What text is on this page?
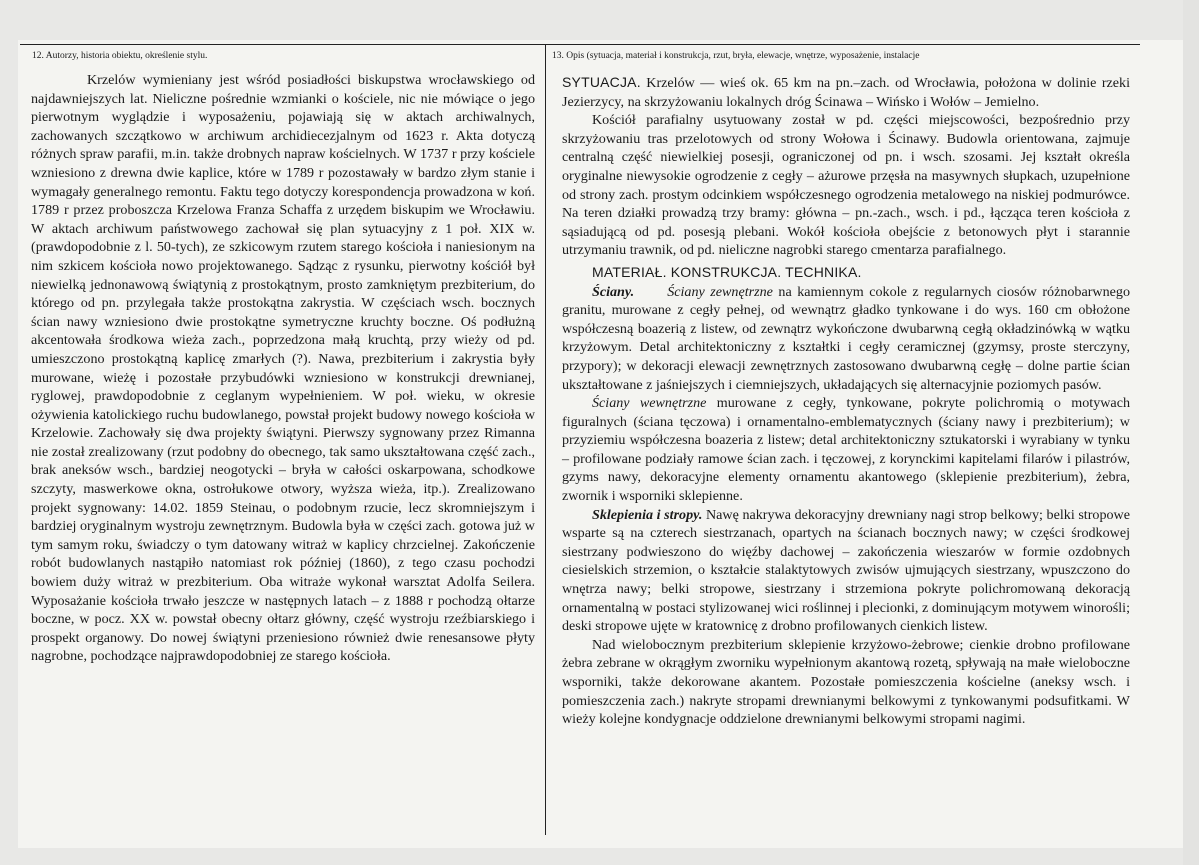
12. Autorzy, historia obiektu, określenie stylu.	13. Opis (sytuacja, materiał i konstrukcja, rzut, bryła, elewacje, wnętrze, wyposażenie, instalacje
Krzelów wymieniany jest wśród posiadłości biskupstwa wrocławskiego od najdawniejszych lat. Nieliczne pośrednie wzmianki o kościele, nic nie mówiące o jego pierwotnym wyglądzie i wyposażeniu, pojawiają się w aktach archiwalnych, zachowanych szczątkowo w archiwum archidiecezjalnym od 1623 r. Akta dotyczą różnych spraw parafii, m.in. także drobnych napraw kościelnych. W 1737 r przy kościele wzniesiono z drewna dwie kaplice, które w 1789 r pozostawały w bardzo złym stanie i wymagały generalnego remontu. Faktu tego dotyczy korespondencja prowadzona w koń. 1789 r przez proboszcza Krzelowa Franza Schaffa z urzędem biskupim we Wrocławiu. W aktach archiwum państwowego zachował się plan sytuacyjny z 1 poł. XIX w. (prawdopodobnie z l. 50-tych), ze szkicowym rzutem starego kościoła i naniesionym na nim szkicem kościoła nowo projektowanego. Sądząc z rysunku, pierwotny kościół był niewielką jednonawową świątynią z prostokątnym, prosto zamkniętym prezbiterium, do którego od pn. przylegała także prostokątna zakrystia. W częściach wsch. bocznych ścian nawy wzniesiono dwie prostokątne symetryczne kruchty boczne. Oś podłużną akcentowała środkowa wieża zach., poprzedzona małą kruchtą, przy wieży od pd. umieszczono prostokątną kaplicę zmarłych (?). Nawa, prezbiterium i zakrystia były murowane, wieżę i pozostałe przybudówki wzniesiono w konstrukcji drewnianej, ryglowej, prawdopodobnie z ceglanym wypełnieniem. W poł. wieku, w okresie ożywienia katolickiego ruchu budowlanego, powstał projekt budowy nowego kościoła w Krzelowie. Zachowały się dwa projekty świątyni. Pierwszy sygnowany przez Rimanna nie został zrealizowany (rzut podobny do obecnego, tak samo ukształtowana część zach., brak aneksów wsch., bardziej neogotycki – bryła w całości oskarpowana, schodkowe szczyty, maswerkowe okna, ostrołukowe otwory, wyższa wieża, itp.). Zrealizowano projekt sygnowany: 14.02. 1859 Steinau, o podobnym rzucie, lecz skromniejszym i bardziej oryginalnym wystroju zewnętrznym. Budowla była w części zach. gotowa już w tym samym roku, świadczy o tym datowany witraż w kaplicy chrzcielnej. Zakończenie robót budowlanych nastąpiło natomiast rok później (1860), z tego czasu pochodzi bowiem duży witraż w prezbiterium. Oba witraże wykonał warsztat Adolfa Seilera. Wyposażanie kościoła trwało jeszcze w następnych latach – z 1888 r pochodzą ołtarze boczne, w pocz. XX w. powstał obecny ołtarz główny, część wystroju rzeźbiarskiego i prospekt organowy. Do nowej świątyni przeniesiono również dwie renesansowe płyty nagrobne, pochodzące najprawdopodobniej ze starego kościoła.

SYTUACJA. Krzelów — wieś ok. 65 km na pn.–zach. od Wrocławia, położona w dolinie rzeki Jezierzycy, na skrzyżowaniu lokalnych dróg Ścinawa – Wińsko i Wołów – Jemielno.

Kościół parafialny usytuowany został w pd. części miejscowości, bezpośrednio przy skrzyżowaniu tras przelotowych od strony Wołowa i Ścinawy. Budowla orientowana, zajmuje centralną część niewielkiej posesji, ograniczonej od pn. i wsch. szosami. Jej kształt określa oryginalne niewysokie ogrodzenie z cegły – ażurowe przęsła na masywnych słupkach, uzupełnione od strony zach. prostym odcinkiem współczesnego ogrodzenia metalowego na niskiej podmurówce. Na teren działki prowadzą trzy bramy: główna – pn.-zach., wsch. i pd., łącząca teren kościoła z sąsiadującą od pd. posesją plebani. Wokół kościoła obejście z betonowych płyt i starannie utrzymaniu trawnik, od pd. nieliczne nagrobki starego cmentarza parafialnego.

MATERIAŁ. KONSTRUKCJA. TECHNIKA.

Ściany. Ściany zewnętrzne na kamiennym cokole z regularnych ciosów różnobarwnego granitu, murowane z cegły pełnej, od wewnątrz gładko tynkowane i do wys. 160 cm obłożone współczesną boazerią z listew, od zewnątrz wykończone dwubarwną cegłą okładzinówką w wątku krzyżowym. Detal architektoniczny z kształtki i cegły ceramicznej (gzymsy, proste sterczyny, przypory); w dekoracji elewacji zewnętrznych zastosowano dwubarwną cegłę – dolne partie ścian ukształtowane z jaśniejszych i ciemniejszych, układających się alternacyjnie poziomych pasów.

Ściany wewnętrzne murowane z cegły, tynkowane, pokryte polichromią o motywach figuralnych (ściana tęczowa) i ornamentalno-emblematycznych (ściany nawy i prezbiterium); w przyziemiu współczesna boazeria z listew; detal architektoniczny sztukatorski i wyrabiany w tynku – profilowane podziały ramowe ścian zach. i tęczowej, z korynckimi kapitelami filarów i pilastrów, gzyms nawy, dekoracyjne elementy ornamentu akantowego (sklepienie prezbiterium), żebra, zwornik i wsporniki sklepienne.

Sklepienia i stropy. Nawę nakrywa dekoracyjny drewniany nagi strop belkowy; belki stropowe wsparte są na czterech siestrzanach, opartych na ścianach bocznych nawy; w części środkowej siestrzany podwieszono do więźby dachowej – zakończenia wieszarów w formie ozdobnych ciesielskich strzemion, o kształcie stalaktytowych zwisów ujmujących siestrzany, wpuszczono do wnętrza nawy; belki stropowe, siestrzany i strzemiona pokryte polichromowaną dekoracją ornamentalną w postaci stylizowanej wici roślinnej i plecionki, z dominującym motywem winorośli; deski stropowe ujęte w kratownicę z drobno profilowanych cienkich listew.

Nad wielobocznym prezbiterium sklepienie krzyżowo-żebrowe; cienkie drobno profilowane żebra zebrane w okrągłym zworniku wypełnionym akantową rozetą, spływają na małe wieloboczne wsporniki, także dekorowane akantem. Pozostałe pomieszczenia kościelne (aneksy wsch. i pomieszczenia zach.) nakryte stropami drewnianymi belkowymi z tynkowanymi podsufitkami. W wieży kolejne kondygnacje oddzielone drewnianymi belkowymi stropami nagimi.
